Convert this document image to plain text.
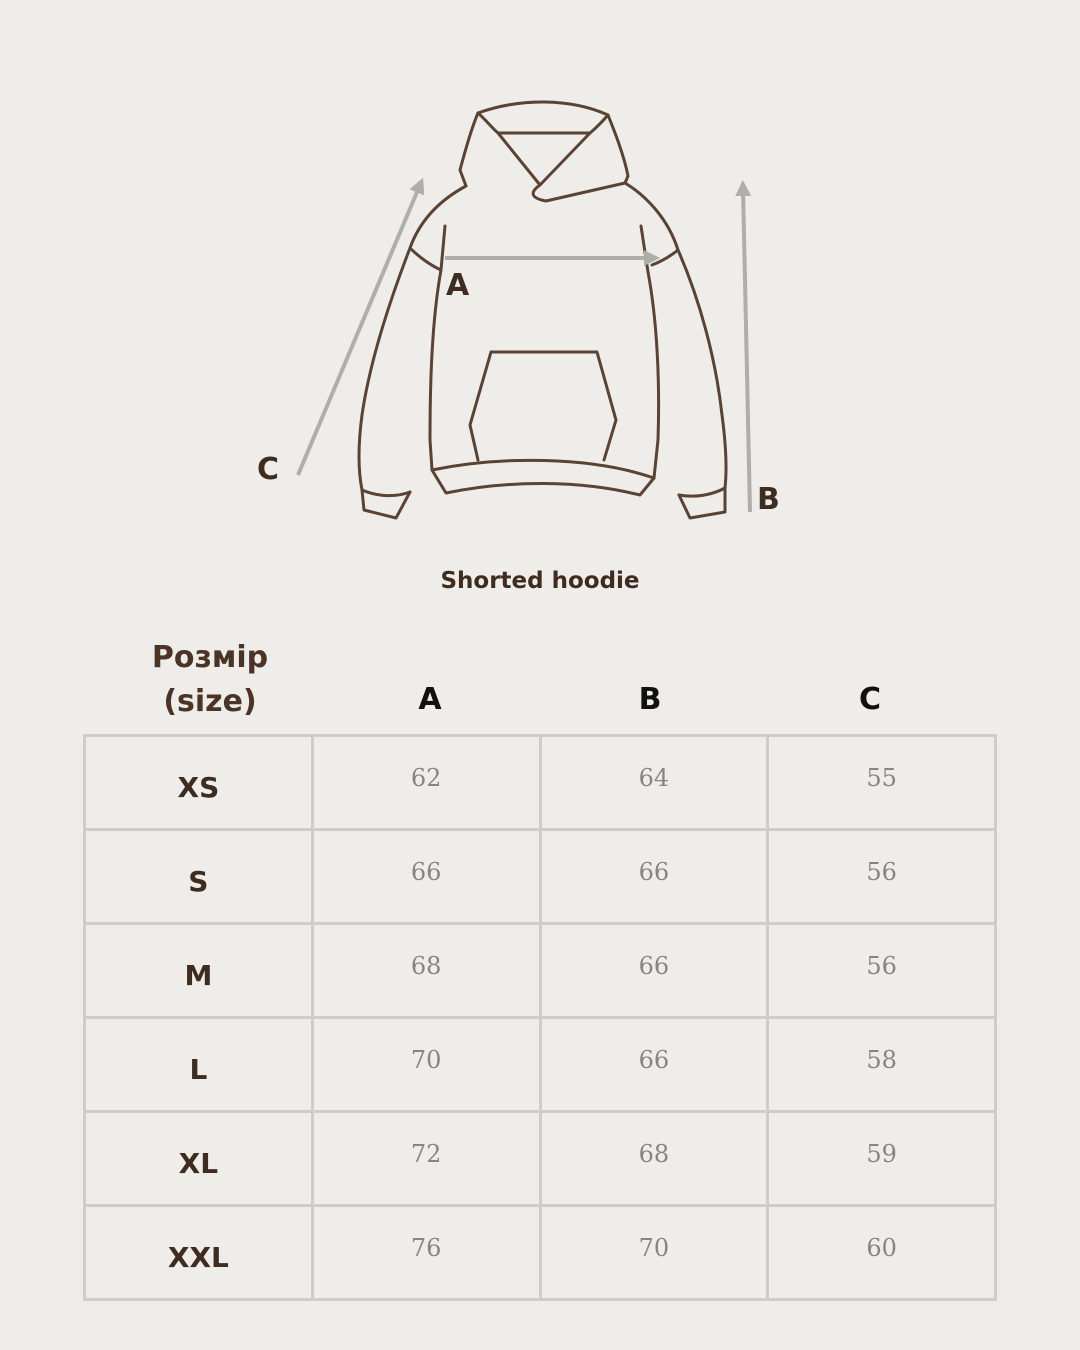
A
B
C
Shorted hoodie
Розмір
(size)	A	B	C
XS	62	64	55
S	66	66	56
M	68	66	56
L	70	66	58
XL	72	68	59
XXL	76	70	60
